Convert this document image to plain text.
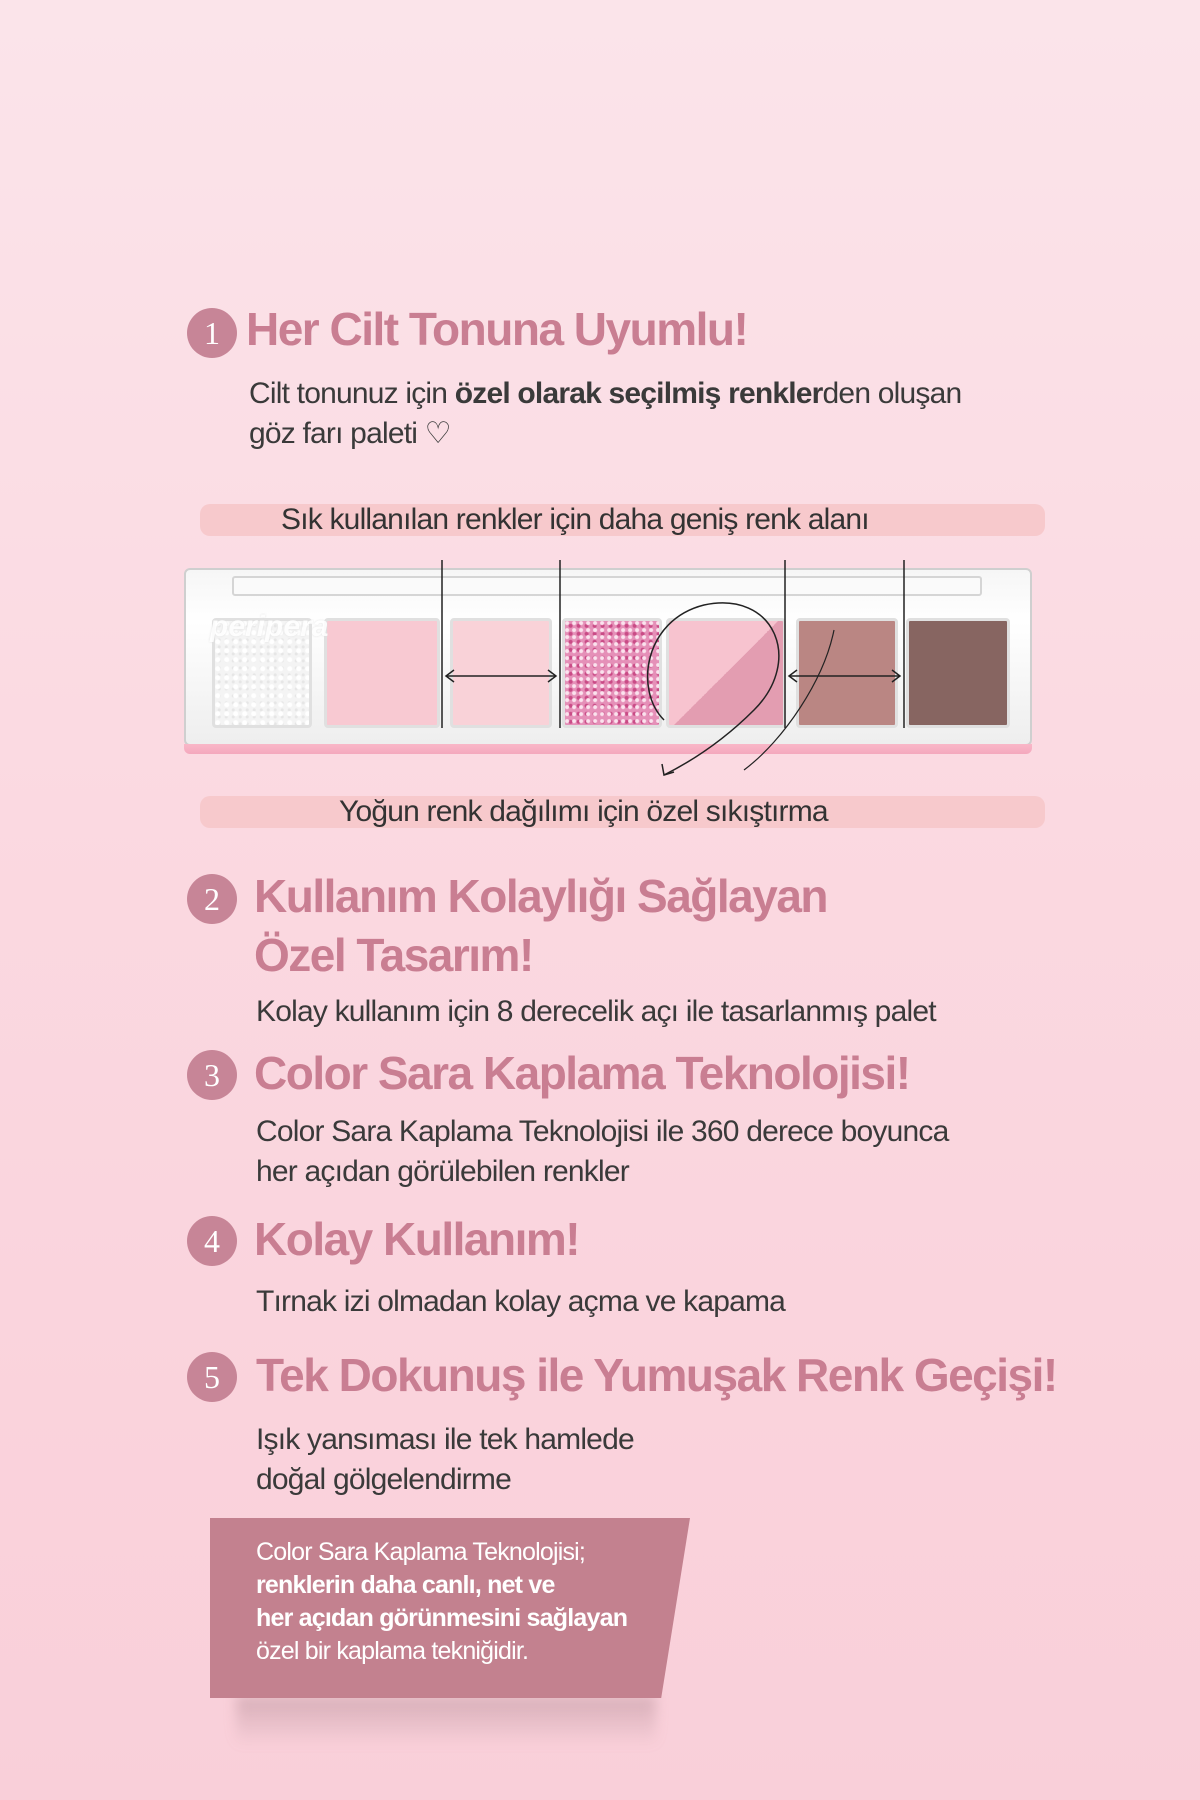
1 Her Cilt Tonuna Uyumlu!
Cilt tonunuz için özel olarak seçilmiş renklerden oluşan
göz farı paleti ♡
Sık kullanılan renkler için daha geniş renk alanı
peripera
Yoğun renk dağılımı için özel sıkıştırma
2 Kullanım Kolaylığı Sağlayan
Özel Tasarım!
Kolay kullanım için 8 derecelik açı ile tasarlanmış palet
3 Color Sara Kaplama Teknolojisi!
Color Sara Kaplama Teknolojisi ile 360 derece boyunca
her açıdan görülebilen renkler
4 Kolay Kullanım!
Tırnak izi olmadan kolay açma ve kapama
5 Tek Dokunuş ile Yumuşak Renk Geçişi!
Işık yansıması ile tek hamlede
doğal gölgelendirme
Color Sara Kaplama Teknolojisi;
renklerin daha canlı, net ve
her açıdan görünmesini sağlayan
özel bir kaplama tekniğidir.
